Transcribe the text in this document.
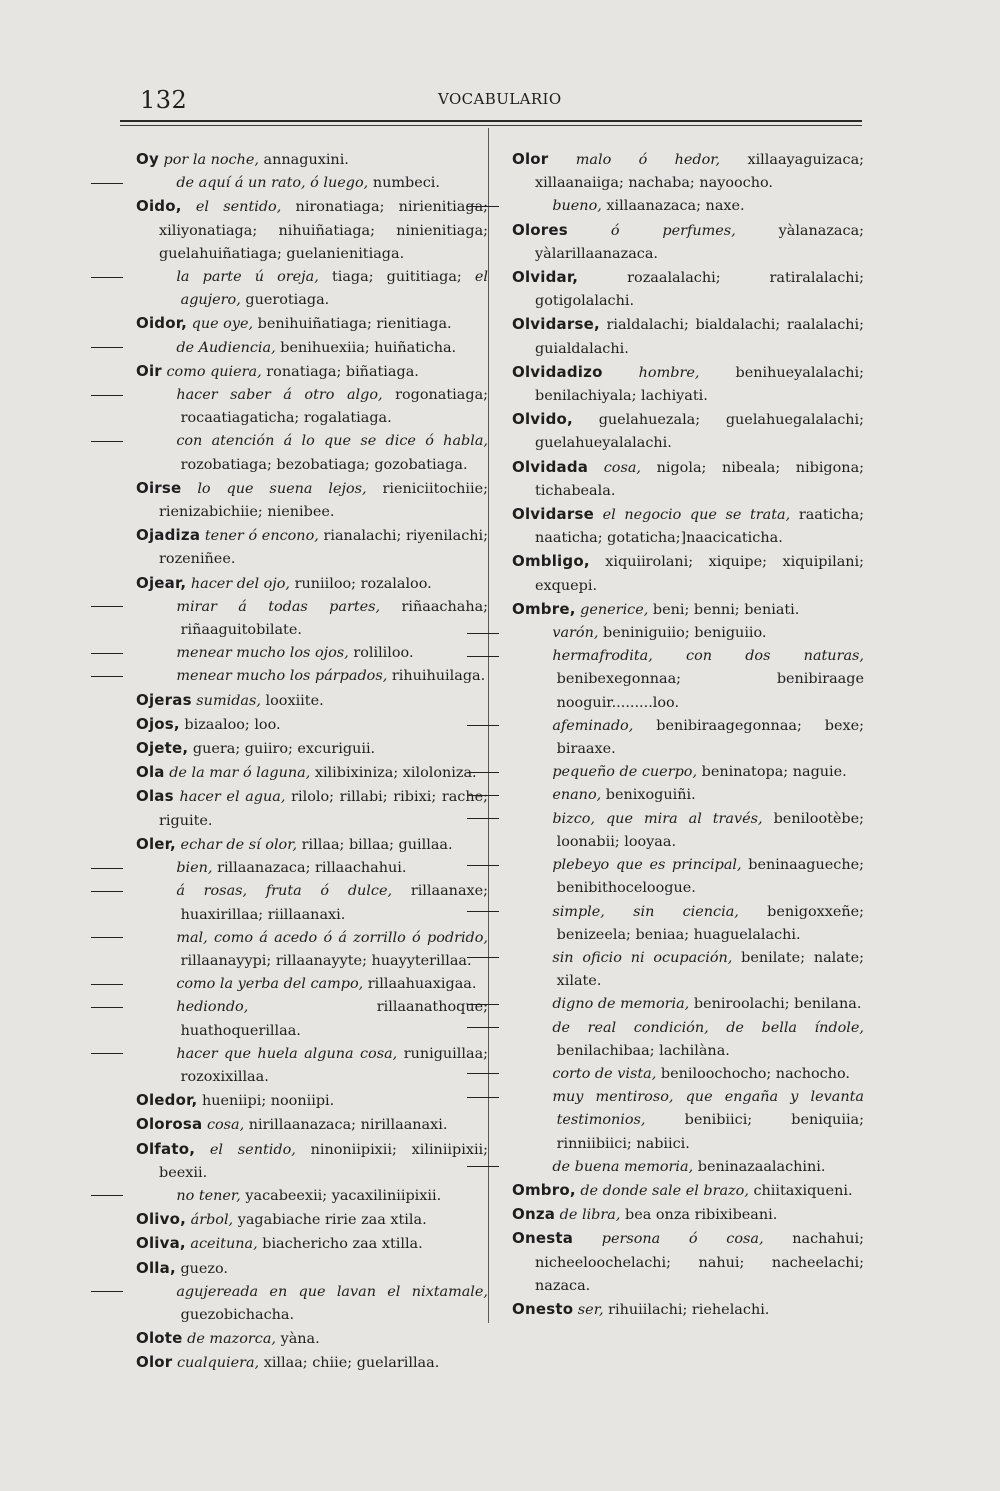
132	VOCABULARIO
Oy por la noche, annaguxini.
de aquí á un rato, ó luego, numbeci.
Oido, el sentido, nironatiaga; nirienitiaga; xiliyonatiaga; nihuiñatiaga; ninienitiaga; guelahuiñatiaga; guelanienitiaga.
la parte ú oreja, tiaga; guititiaga; el agujero, guerotiaga.
Oidor, que oye, benihuiñatiaga; rienitiaga.
de Audiencia, benihuexiia; huiñaticha.
Oir como quiera, ronatiaga; biñatiaga.
hacer saber á otro algo, rogonatiaga; rocaatiagaticha; rogalatiaga.
con atención á lo que se dice ó habla, rozobatiaga; bezobatiaga; gozobatiaga.
Oirse lo que suena lejos, rieniciitochiie; rienizabichiie; nienibee.
Ojadiza tener ó encono, rianalachi; riyenilachi; rozeniñee.
Ojear, hacer del ojo, runiiloo; rozalaloo.
mirar á todas partes, riñaachaha; riñaaguitobilate.
menear mucho los ojos, rolililoo.
menear mucho los párpados, rihuihuilaga.
Ojeras sumidas, looxiite.
Ojos, bizaaloo; loo.
Ojete, guera; guiiro; excuriguii.
Ola de la mar ó laguna, xilibixiniza; xiloloniza.
Olas hacer el agua, rilolo; rillabi; ribixi; rache; riguite.
Oler, echar de sí olor, rillaa; billaa; guillaa.
bien, rillaanazaca; rillaachahui.
á rosas, fruta ó dulce, rillaanaxe; huaxirillaa; riillaanaxi.
mal, como á acedo ó á zorrillo ó podrido, rillaanayypi; rillaanayyte; huayyterillaa.
como la yerba del campo, rillaahuaxigaa.
hediondo,	rillaanathoque; huathoquerillaa.
hacer que huela alguna cosa, runiguillaa; rozoxixillaa.
Oledor, hueniipi; nooniipi.
Olorosa cosa, nirillaanazaca; nirillaanaxi.
Olfato, el sentido, ninoniipixii; xiliniipixii; beexii.
no tener, yacabeexii; yacaxiliniipixii.
Olivo, árbol, yagabiache ririe zaa xtila.
Oliva, aceituna, biachericho zaa xtilla.
Olla, guezo.
agujereada en que lavan el nixtamale, guezobichacha.
Olote de mazorca, yàna.
Olor cualquiera, xillaa; chiie; guelarillaa.
Olor malo ó hedor, xillaayaguizaca; xillaanaiiga; nachaba; nayoocho.
bueno, xillaanazaca; naxe.
Olores	ó perfumes,	yàlanazaca; yàlarillaanazaca.
Olvidar,	rozaalalachi; ratiralalachi; gotigolalachi.
Olvidarse, rialdalachi; bialdalachi; raalalachi; guialdalachi.
Olvidadizo	hombre,	benihueyalalachi; benilachiyala; lachiyati.
Olvido, guelahuezala; guelahuegalalachi; guelahueyalalachi.
Olvidada cosa, nigola; nibeala; nibigona; tichabeala.
Olvidarse el negocio que se trata, raaticha; naaticha; gotaticha;]naacicaticha.
Ombligo, xiquiirolani; xiquipe; xiquipilani; exquepi.
Ombre, generice, beni; benni; beniati.
varón, beniniguiio; beniguiio.
hermafrodita, con dos naturas, benibexegonnaa; benibiraage nooguir.........loo.
afeminado, benibiraagegonnaa; bexe; biraaxe.
pequeño de cuerpo, beninatopa; naguie.
enano, benixoguiñi.
bizco, que mira al través, benilootèbe; loonabii; looyaa.
plebeyo que es principal, beninaagueche; benibithoceloogue.
simple, sin ciencia, benigoxxeñe; benizeela; beniaa; huaguelalachi.
sin oficio ni ocupación, benilate; nalate; xilate.
digno de memoria, beniroolachi; benilana.
de real condición, de bella índole, benilachibaa; lachilàna.
corto de vista, beniloochocho; nachocho.
muy mentiroso, que engaña y levanta testimonios,	benibiici; beniquiia; rinniibiici; nabiici.
de buena memoria, beninazaalachini.
Ombro, de donde sale el brazo, chiitaxiqueni.
Onza de libra, bea onza ribixibeani.
Onesta persona ó cosa, nachahui; nicheeloochelachi; nahui; nacheelachi; nazaca.
Onesto ser, rihuiilachi; riehelachi.
